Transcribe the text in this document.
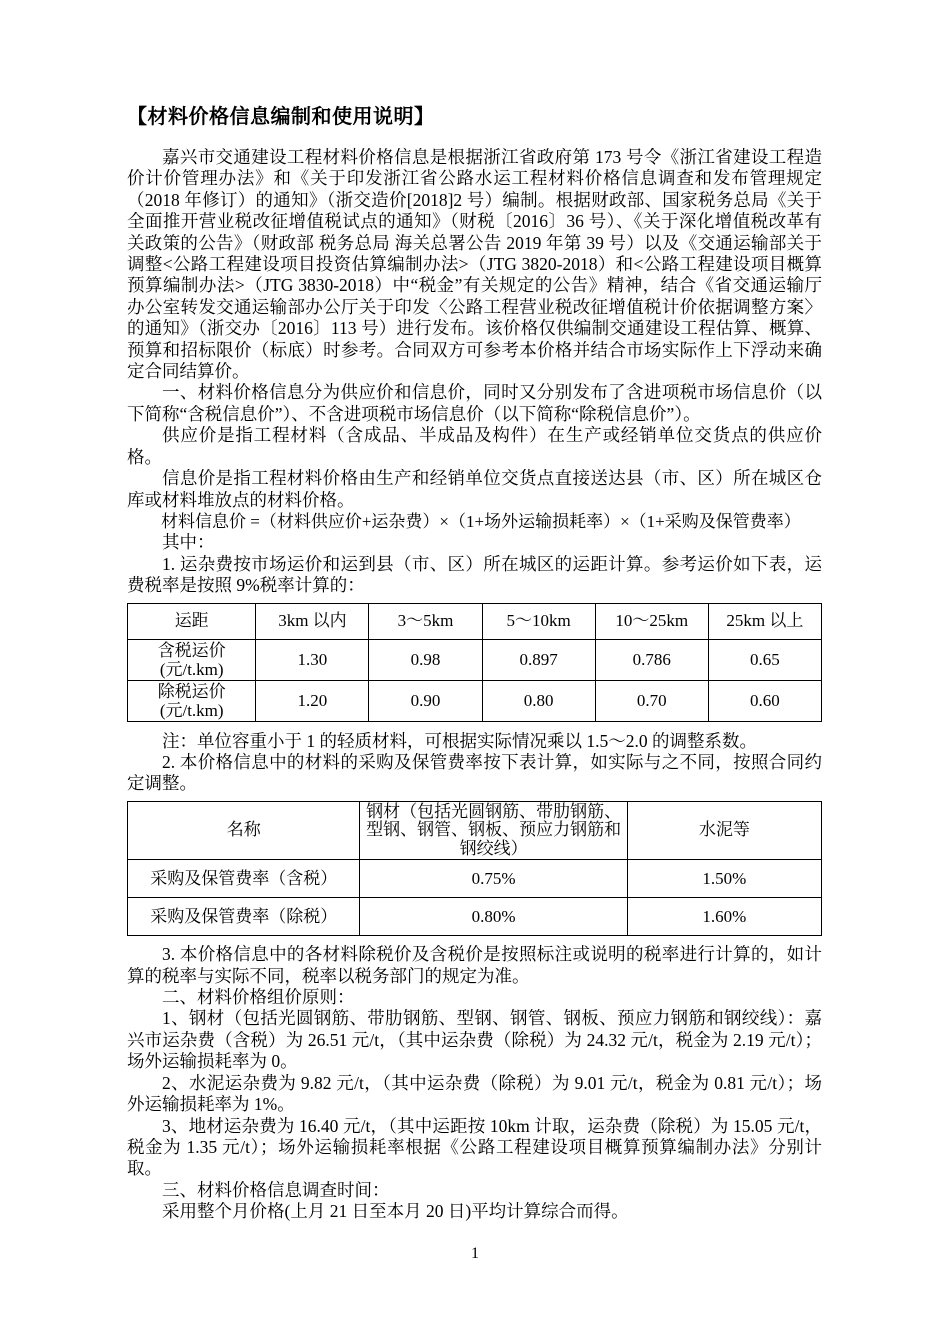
【材料价格信息编制和使用说明】

嘉兴市交通建设工程材料价格信息是根据浙江省政府第 173 号令《浙江省建设工程造价计价管理办法》和《关于印发浙江省公路水运工程材料价格信息调查和发布管理规定（2018 年修订）的通知》（浙交造价[2018]2 号）编制。根据财政部、国家税务总局《关于全面推开营业税改征增值税试点的通知》（财税〔2016〕36 号）、《关于深化增值税改革有关政策的公告》（财政部 税务总局 海关总署公告 2019 年第 39 号）以及《交通运输部关于调整<公路工程建设项目投资估算编制办法>（JTG 3820-2018）和<公路工程建设项目概算预算编制办法>（JTG 3830-2018）中“税金”有关规定的公告》精神，结合《省交通运输厅办公室转发交通运输部办公厅关于印发〈公路工程营业税改征增值税计价依据调整方案〉的通知》（浙交办〔2016〕113 号）进行发布。该价格仅供编制交通建设工程估算、概算、预算和招标限价（标底）时参考。合同双方可参考本价格并结合市场实际作上下浮动来确定合同结算价。

一、材料价格信息分为供应价和信息价，同时又分别发布了含进项税市场信息价（以下简称“含税信息价”）、不含进项税市场信息价（以下简称“除税信息价”）。

供应价是指工程材料（含成品、半成品及构件）在生产或经销单位交货点的供应价格。

信息价是指工程材料价格由生产和经销单位交货点直接送达县（市、区）所在城区仓库或材料堆放点的材料价格。

材料信息价 =（材料供应价+运杂费）×（1+场外运输损耗率）×（1+采购及保管费率）

其中：

1. 运杂费按市场运价和运到县（市、区）所在城区的运距计算。参考运价如下表，运费税率是按照 9%税率计算的：

运距	3km 以内	3～5km	5～10km	10～25km	25km 以上

含税运价
(元/t.km)	1.30	0.98	0.897	0.786	0.65

除税运价
(元/t.km)	1.20	0.90	0.80	0.70	0.60

注：单位容重小于 1 的轻质材料，可根据实际情况乘以 1.5～2.0 的调整系数。

2. 本价格信息中的材料的采购及保管费率按下表计算，如实际与之不同，按照合同约定调整。

名称	钢材（包括光圆钢筋、带肋钢筋、型钢、钢管、钢板、预应力钢筋和钢绞线）	水泥等
采购及保管费率（含税）	0.75%	1.50%
采购及保管费率（除税）	0.80%	1.60%

3. 本价格信息中的各材料除税价及含税价是按照标注或说明的税率进行计算的，如计算的税率与实际不同，税率以税务部门的规定为准。

二、材料价格组价原则：

1、钢材（包括光圆钢筋、带肋钢筋、型钢、钢管、钢板、预应力钢筋和钢绞线）：嘉兴市运杂费（含税）为 26.51 元/t，（其中运杂费（除税）为 24.32 元/t，税金为 2.19 元/t）；场外运输损耗率为 0。

2、水泥运杂费为 9.82 元/t，（其中运杂费（除税）为 9.01 元/t，税金为 0.81 元/t）；场外运输损耗率为 1%。

3、地材运杂费为 16.40 元/t，（其中运距按 10km 计取，运杂费（除税）为 15.05 元/t，税金为 1.35 元/t）；场外运输损耗率根据《公路工程建设项目概算预算编制办法》分别计取。

三、材料价格信息调查时间：

采用整个月价格(上月 21 日至本月 20 日)平均计算综合而得。

1
